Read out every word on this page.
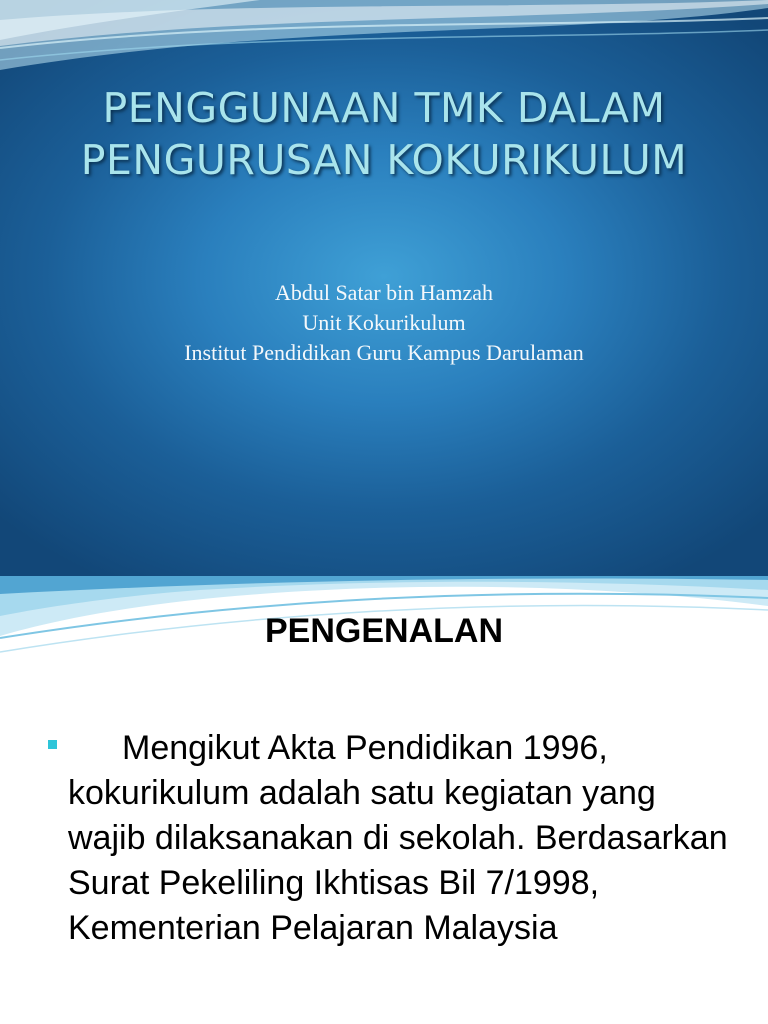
PENGGUNAAN TMK DALAM
PENGURUSAN KOKURIKULUM
Abdul Satar bin Hamzah
Unit Kokurikulum
Institut Pendidikan Guru Kampus Darulaman
PENGENALAN
Mengikut Akta Pendidikan 1996, kokurikulum adalah satu kegiatan yang wajib dilaksanakan di sekolah. Berdasarkan Surat Pekeliling Ikhtisas Bil 7/1998, Kementerian Pelajaran Malaysia
